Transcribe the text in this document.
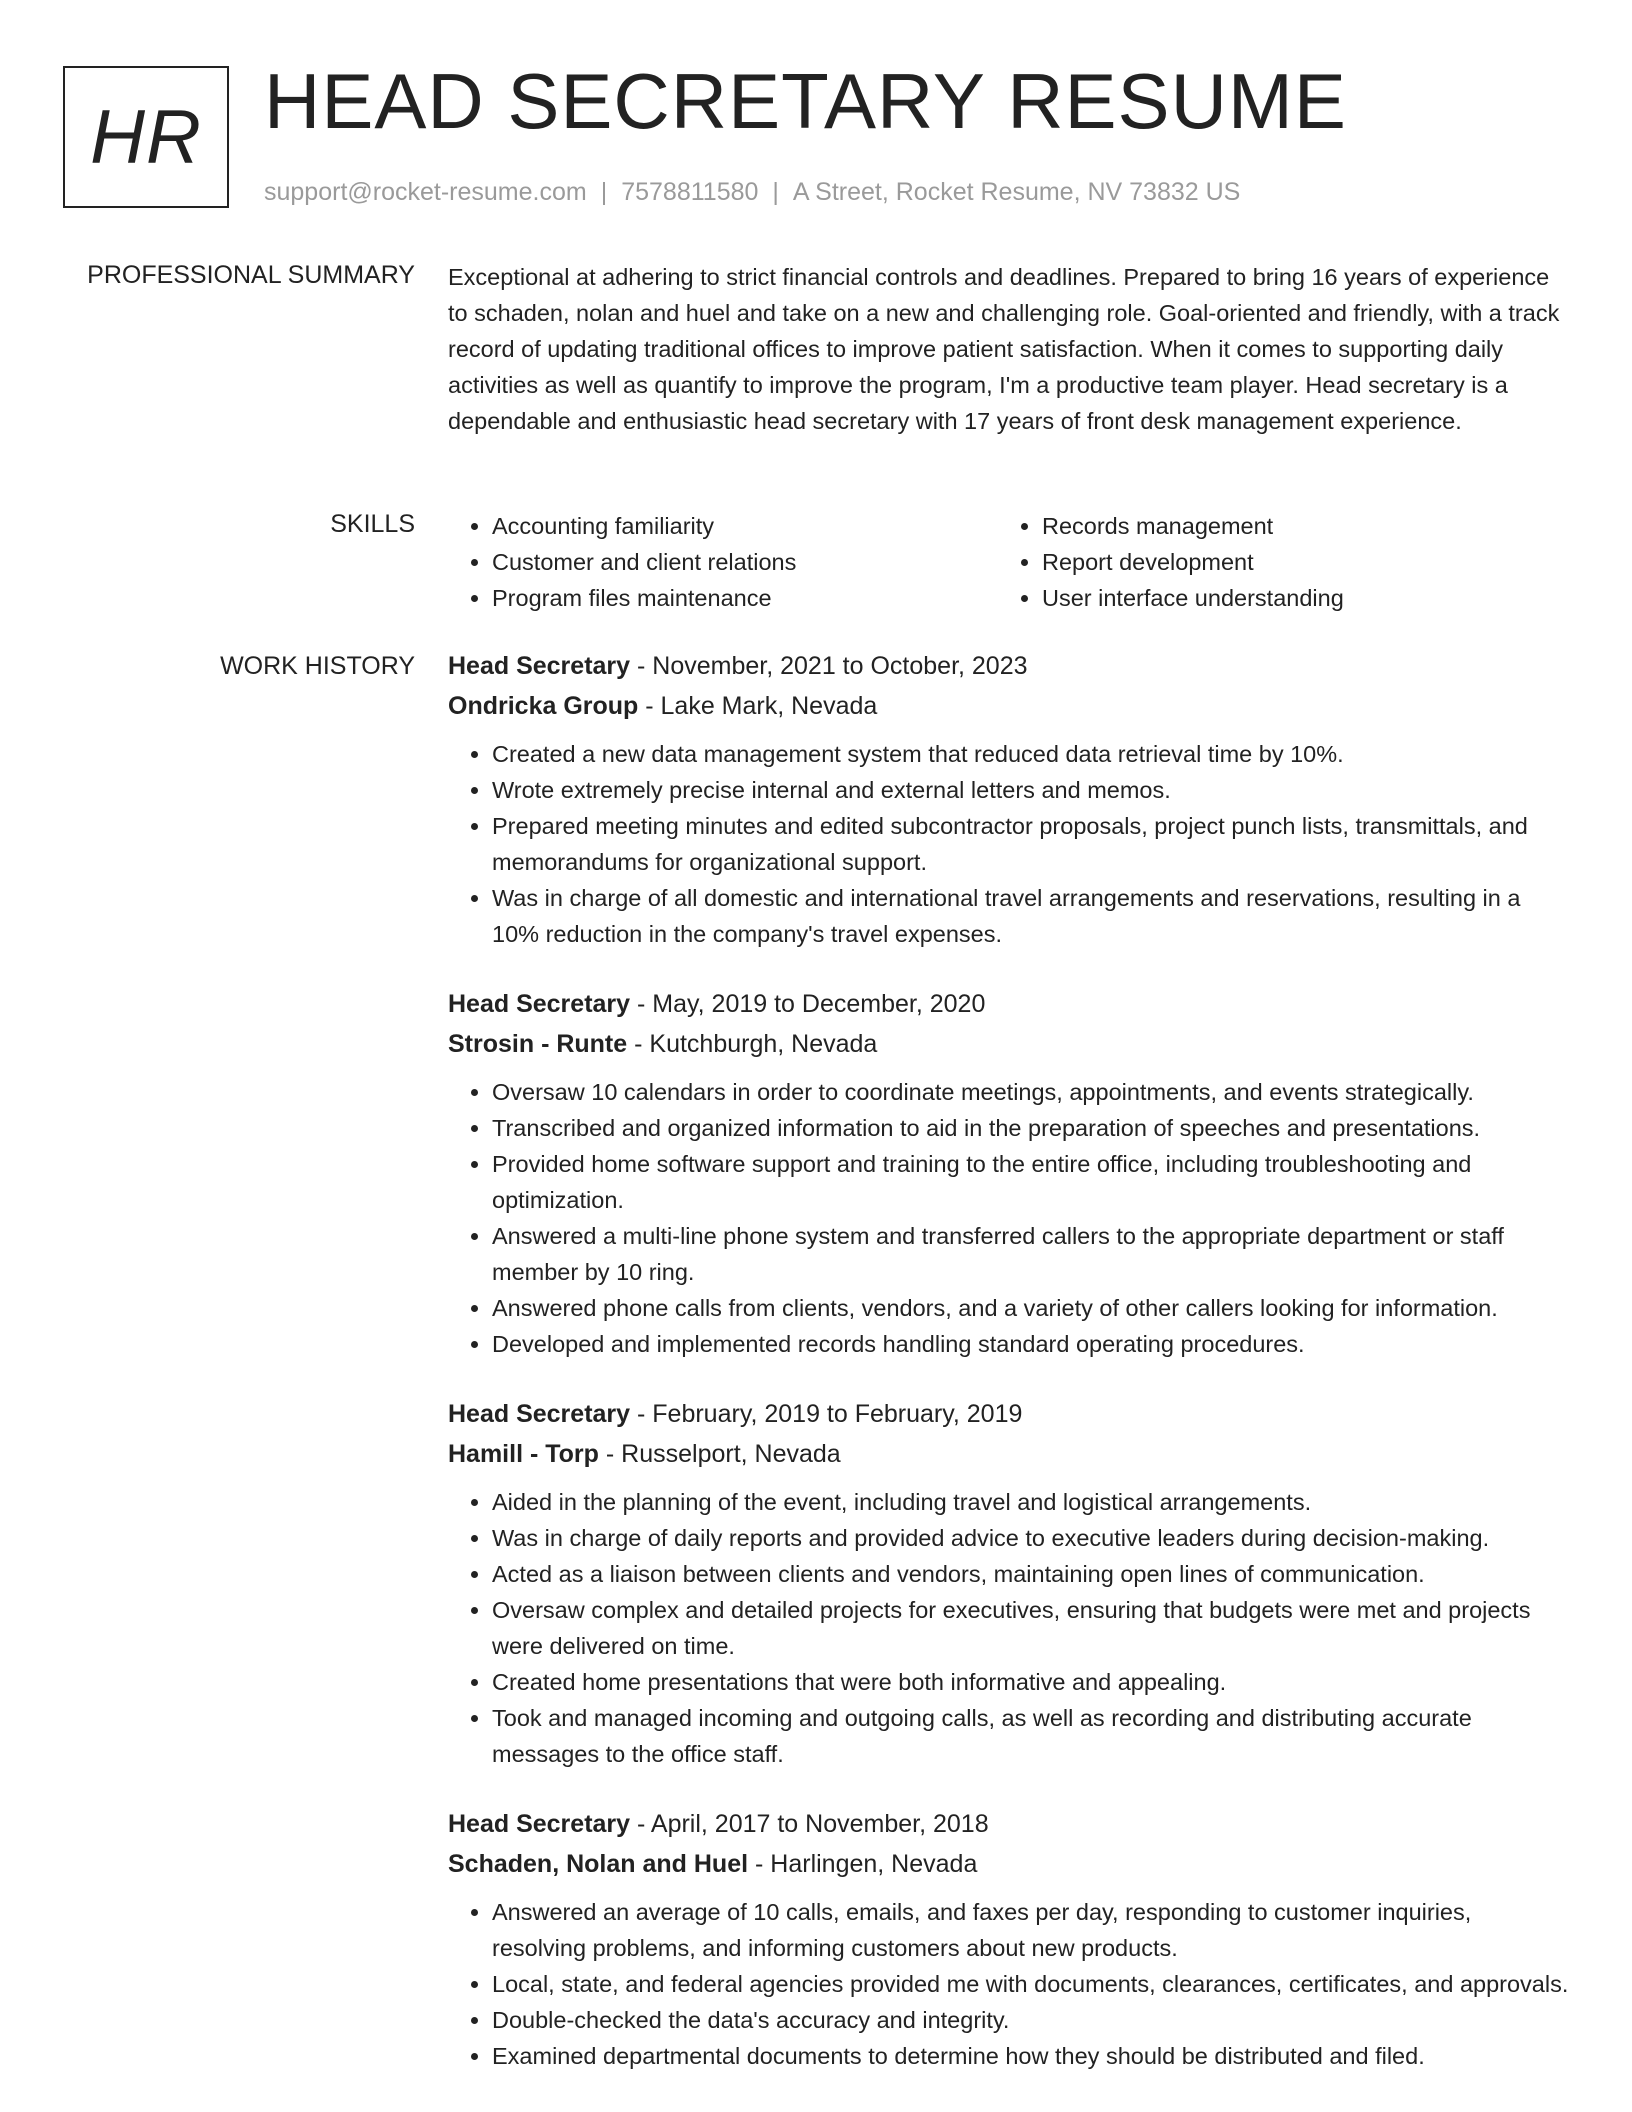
HR HEAD SECRETARY RESUME
support@rocket-resume.com | 7578811580 | A Street, Rocket Resume, NV 73832 US
PROFESSIONAL SUMMARY Exceptional at adhering to strict financial controls and deadlines. Prepared to bring 16 years of experience to schaden, nolan and huel and take on a new and challenging role. Goal-oriented and friendly, with a track record of updating traditional offices to improve patient satisfaction. When it comes to supporting daily activities as well as quantify to improve the program, I'm a productive team player. Head secretary is a dependable and enthusiastic head secretary with 17 years of front desk management experience.

SKILLS
•	Accounting familiarity
• Customer and client relations
• Program files maintenance
• Records management
• Report development
• User interface understanding
WORK HISTORY Head Secretary - November, 2021 to October, 2023
Ondricka Group - Lake Mark, Nevada
• Created a new data management system that reduced data retrieval time by 10%.
• Wrote extremely precise internal and external letters and memos.
• Prepared meeting minutes and edited subcontractor proposals, project punch lists, transmittals, and memorandums for organizational support.
• Was in charge of all domestic and international travel arrangements and reservations, resulting in a 10% reduction in the company's travel expenses.
Head Secretary - May, 2019 to December, 2020
Strosin - Runte - Kutchburgh, Nevada
• Oversaw 10 calendars in order to coordinate meetings, appointments, and events strategically.
• Transcribed and organized information to aid in the preparation of speeches and presentations.
• Provided home software support and training to the entire office, including troubleshooting and optimization.
• Answered a multi-line phone system and transferred callers to the appropriate department or staff member by 10 ring.
• Answered phone calls from clients, vendors, and a variety of other callers looking for information.
• Developed and implemented records handling standard operating procedures.
Head Secretary - February, 2019 to February, 2019
Hamill - Torp - Russelport, Nevada
• Aided in the planning of the event, including travel and logistical arrangements.
• Was in charge of daily reports and provided advice to executive leaders during decision-making.
• Acted as a liaison between clients and vendors, maintaining open lines of communication.
• Oversaw complex and detailed projects for executives, ensuring that budgets were met and projects were delivered on time.
• Created home presentations that were both informative and appealing.
• Took and managed incoming and outgoing calls, as well as recording and distributing accurate messages to the office staff.
Head Secretary - April, 2017 to November, 2018
Schaden, Nolan and Huel - Harlingen, Nevada
• Answered an average of 10 calls, emails, and faxes per day, responding to customer inquiries, resolving problems, and informing customers about new products.
• Local, state, and federal agencies provided me with documents, clearances, certificates, and approvals.
• Double-checked the data's accuracy and integrity.
• Examined departmental documents to determine how they should be distributed and filed.
